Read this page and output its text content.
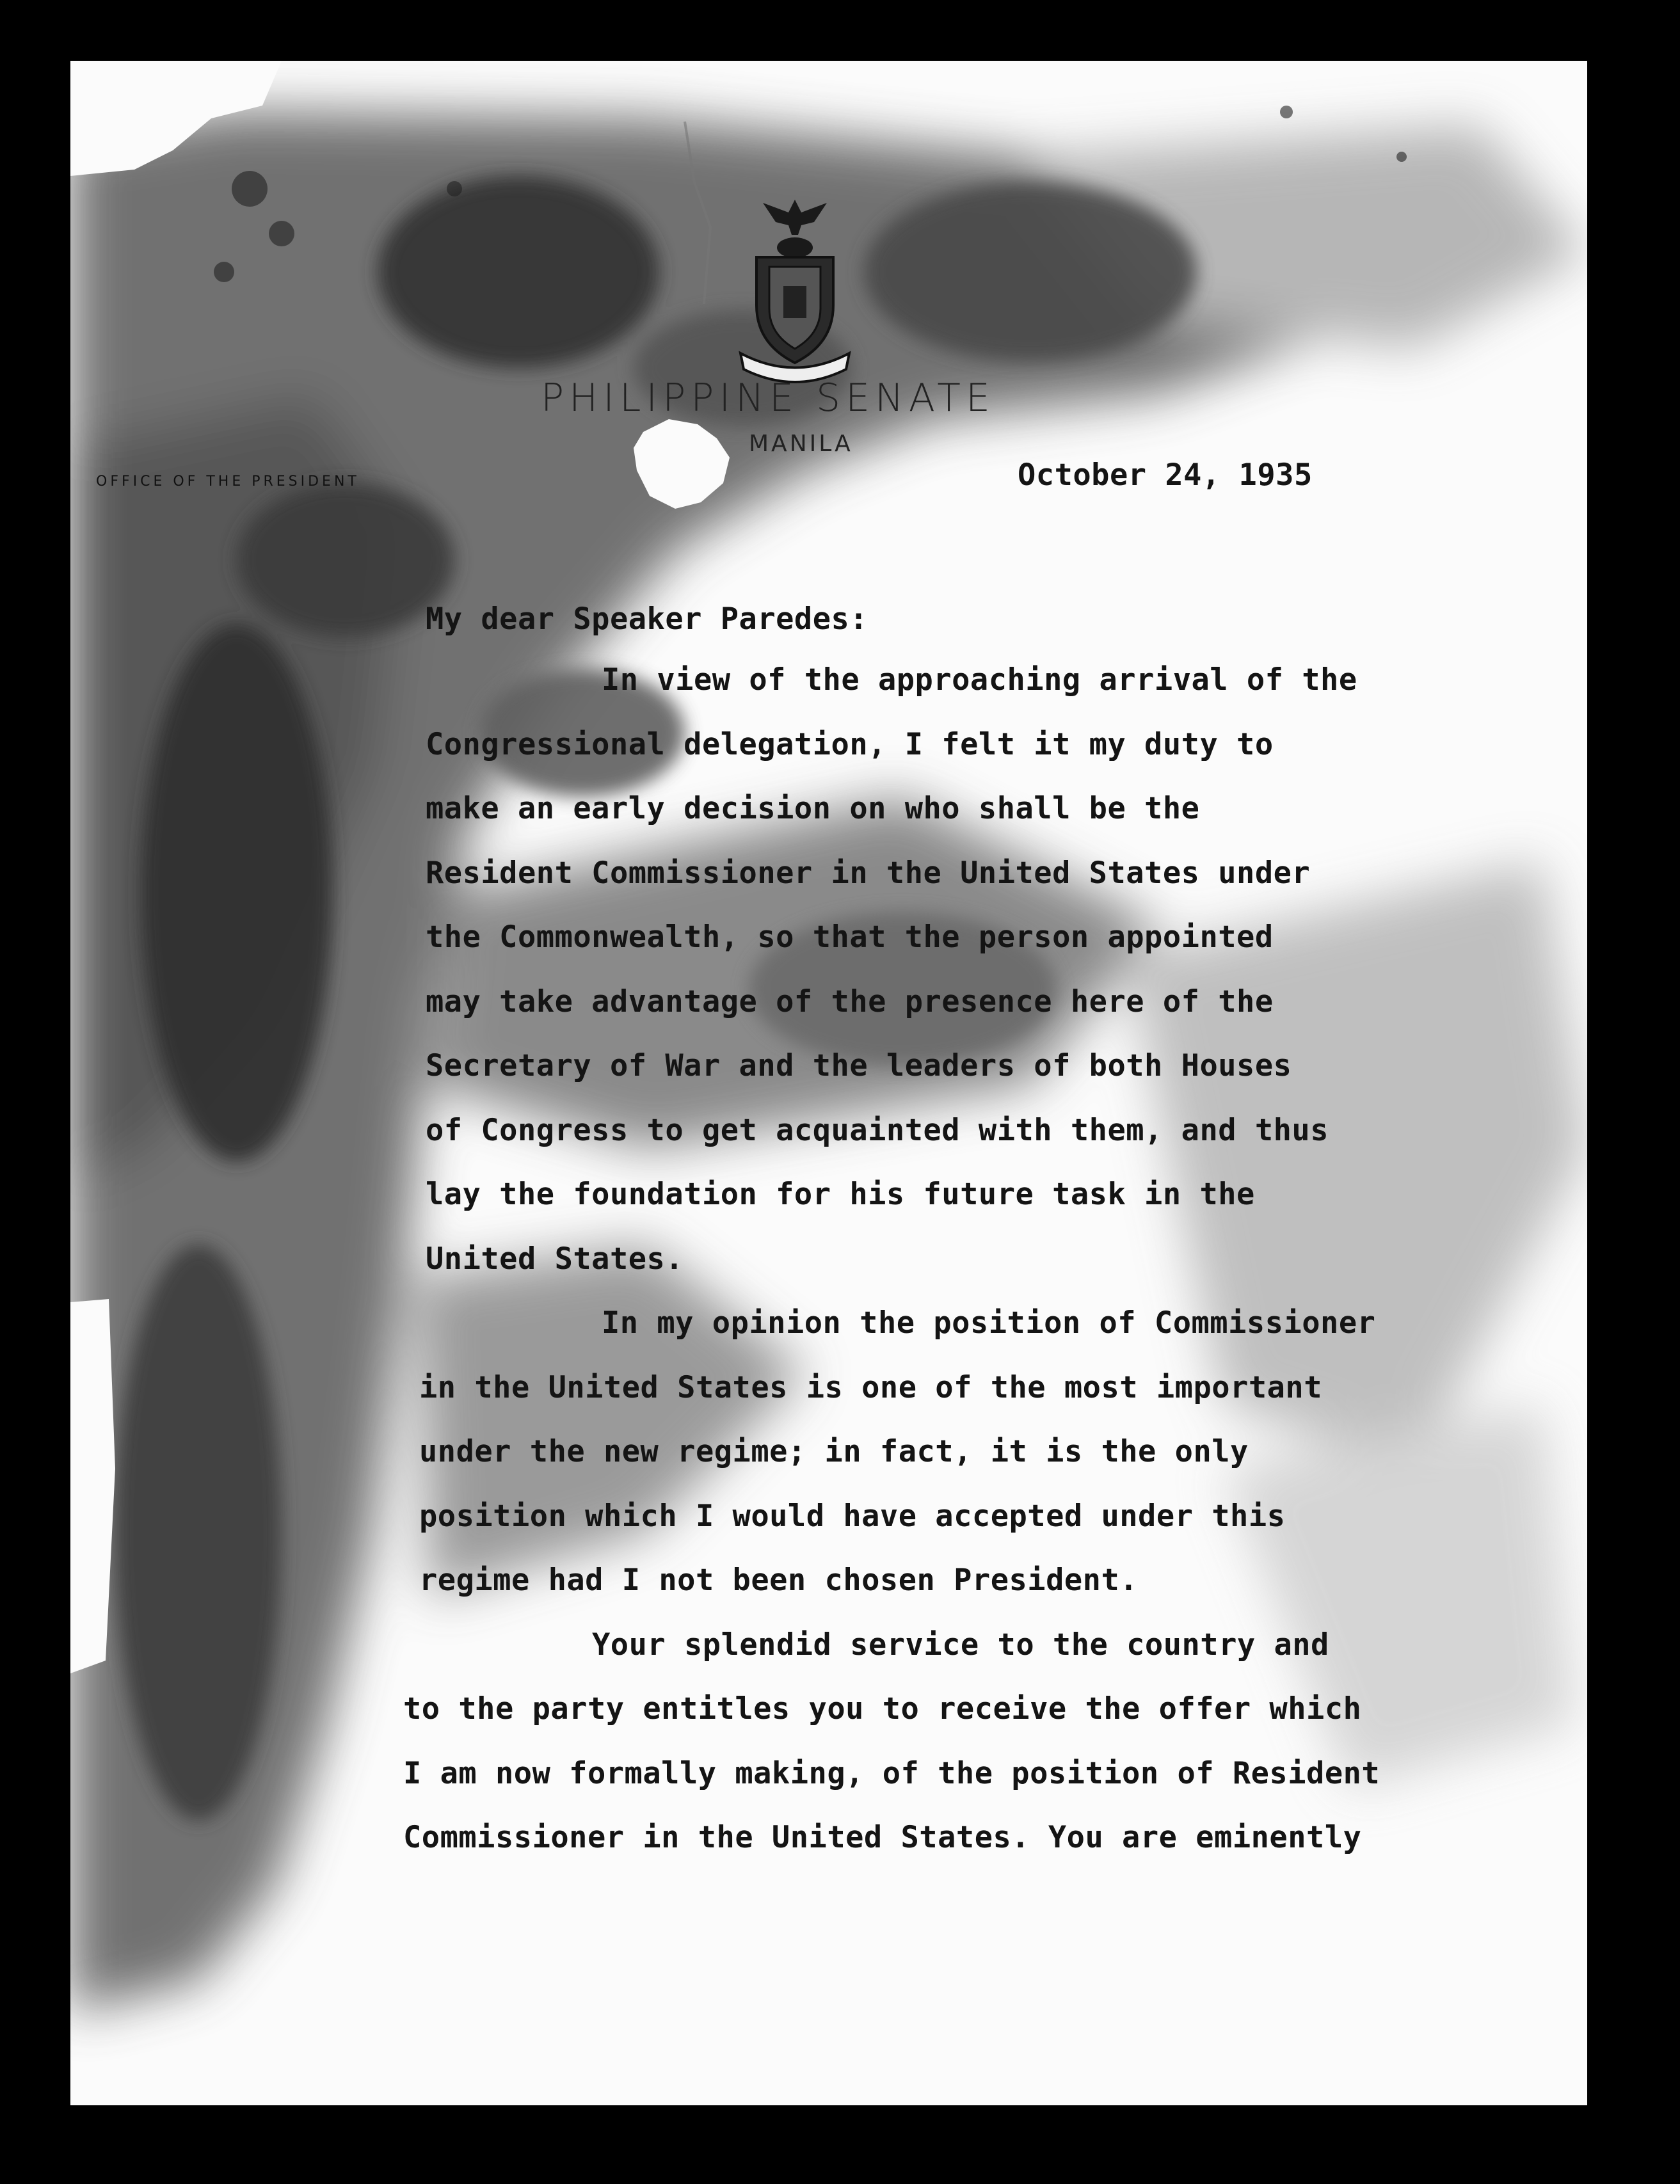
PHILIPPINE SENATE
MANILA
OFFICE OF THE PRESIDENT	October 24, 1935
My dear Speaker Paredes:
In view of the approaching arrival of the
Congressional delegation, I felt it my duty to
make an early decision on who shall be the
Resident Commissioner in the United States under
the Commonwealth, so that the person appointed
may take advantage of the presence here of the
Secretary of War and the leaders of both Houses
of Congress to get acquainted with them, and thus
lay the foundation for his future task in the
United States.
In my opinion the position of Commissioner
in the United States is one of the most important
under the new regime; in fact, it is the only
position which I would have accepted under this
regime had I not been chosen President.
Your splendid service to the country and
to the party entitles you to receive the offer which
I am now formally making, of the position of Resident
Commissioner in the United States. You are eminently
